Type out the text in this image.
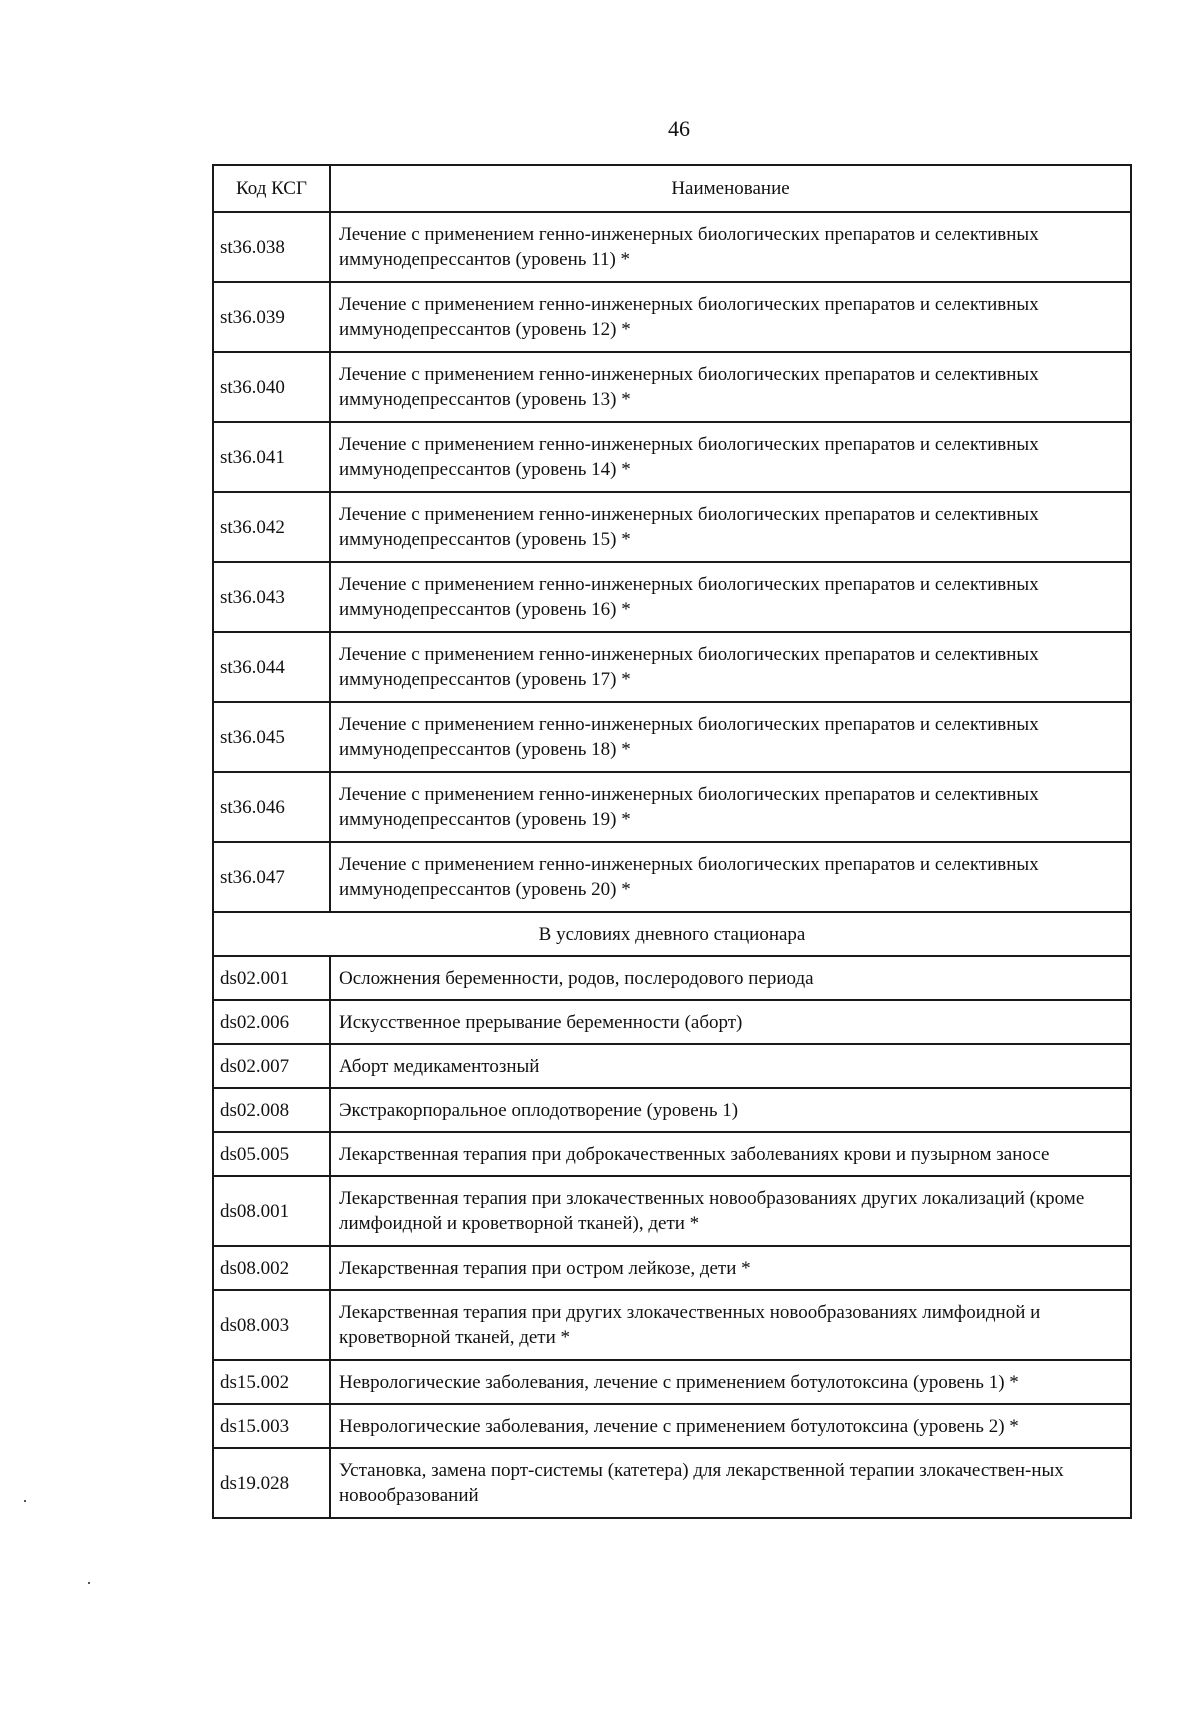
46
Код КСГ	Наименование
st36.038	Лечение с применением генно-инженерных биологических препаратов и селективных иммунодепрессантов (уровень 11) *
st36.039	Лечение с применением генно-инженерных биологических препаратов и селективных иммунодепрессантов (уровень 12) *
st36.040	Лечение с применением генно-инженерных биологических препаратов и селективных иммунодепрессантов (уровень 13) *
st36.041	Лечение с применением генно-инженерных биологических препаратов и селективных иммунодепрессантов (уровень 14) *
st36.042	Лечение с применением генно-инженерных биологических препаратов и селективных иммунодепрессантов (уровень 15) *
st36.043	Лечение с применением генно-инженерных биологических препаратов и селективных иммунодепрессантов (уровень 16) *
st36.044	Лечение с применением генно-инженерных биологических препаратов и селективных иммунодепрессантов (уровень 17) *
st36.045	Лечение с применением генно-инженерных биологических препаратов и селективных иммунодепрессантов (уровень 18) *
st36.046	Лечение с применением генно-инженерных биологических препаратов и селективных иммунодепрессантов (уровень 19) *
st36.047	Лечение с применением генно-инженерных биологических препаратов и селективных иммунодепрессантов (уровень 20) *
В условиях дневного стационара	
ds02.001	Осложнения беременности, родов, послеродового периода
ds02.006	Искусственное прерывание беременности (аборт)
ds02.007	Аборт медикаментозный
ds02.008	Экстракорпоральное оплодотворение (уровень 1)
ds05.005	Лекарственная терапия при доброкачественных заболеваниях крови и пузырном заносе
ds08.001	Лекарственная терапия при злокачественных новообразованиях других локализаций (кроме лимфоидной и кроветворной тканей), дети *
ds08.002	Лекарственная терапия при остром лейкозе, дети *
ds08.003	Лекарственная терапия при других злокачественных новообразованиях лимфоидной и кроветворной тканей, дети *
ds15.002	Неврологические заболевания, лечение с применением ботулотоксина (уровень 1) *
ds15.003	Неврологические заболевания, лечение с применением ботулотоксина (уровень 2) *
ds19.028	Установка, замена порт-системы (катетера) для лекарственной терапии злокачествен-ных новообразований
